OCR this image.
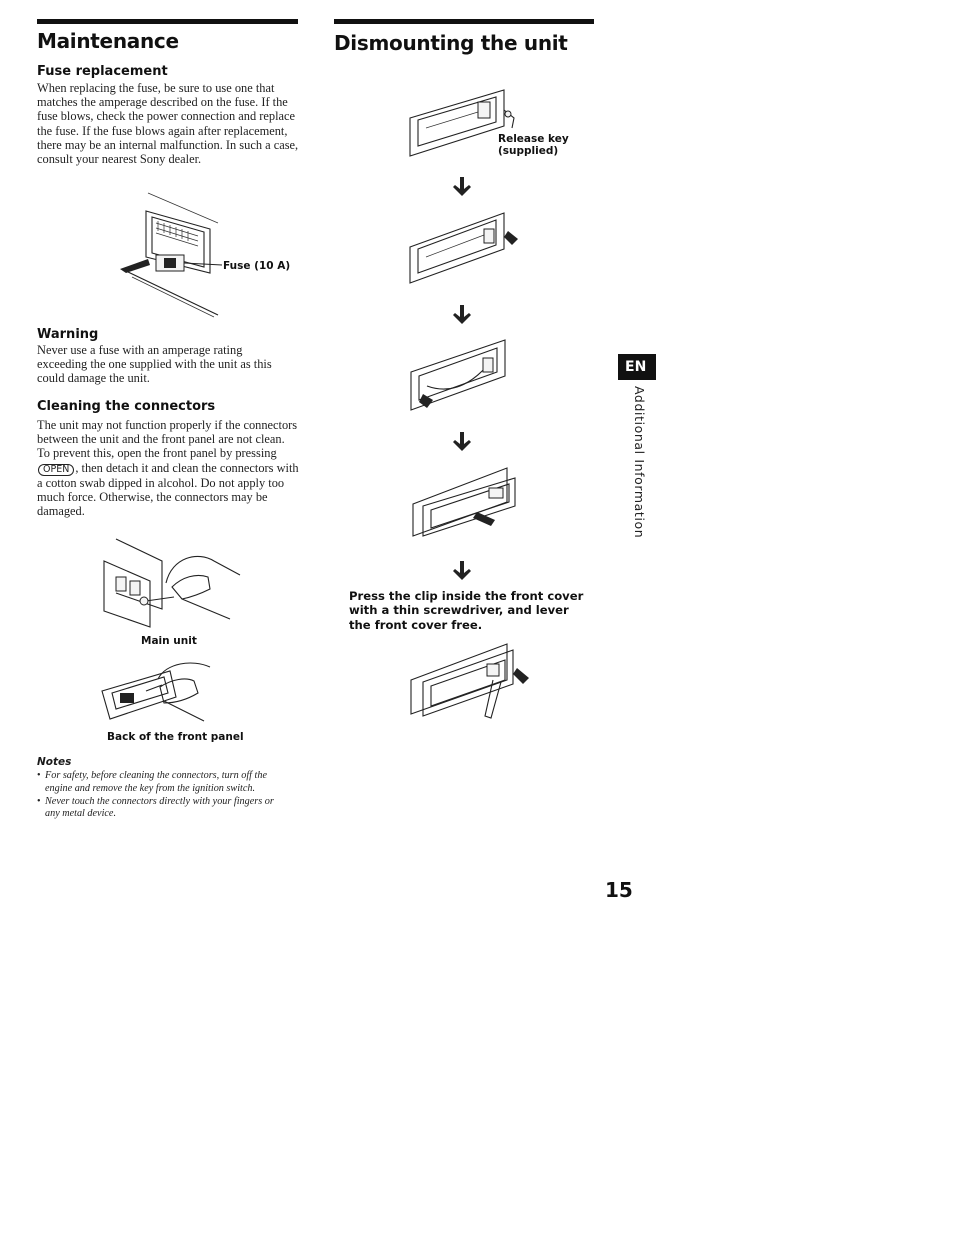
Maintenance
Fuse replacement

When replacing the fuse, be sure to use one that matches the amperage described on the fuse. If the fuse blows, check the power connection and replace the fuse. If the fuse blows again after replacement, there may be an internal malfunction. In such a case, consult your nearest Sony dealer.

Fuse (10 A)
Warning

Never use a fuse with an amperage rating exceeding the one supplied with the unit as this could damage the unit.

Cleaning the connectors

The unit may not function properly if the connectors between the unit and the front panel are not clean. To prevent this, open the front panel by pressing OPEN , then detach it and clean the connectors with a cotton swab dipped in alcohol. Do not apply too much force. Otherwise, the connectors may be damaged.

Main unit
Back of the front panel
Notes
• For safety, before cleaning the connectors, turn off the engine and remove the key from the ignition switch.
• Never touch the connectors directly with your fingers or any metal device.
Dismounting the unit
Release key
(supplied)
Press the clip inside the front cover with a thin screwdriver, and lever the front cover free.
EN
Additional Information
15
